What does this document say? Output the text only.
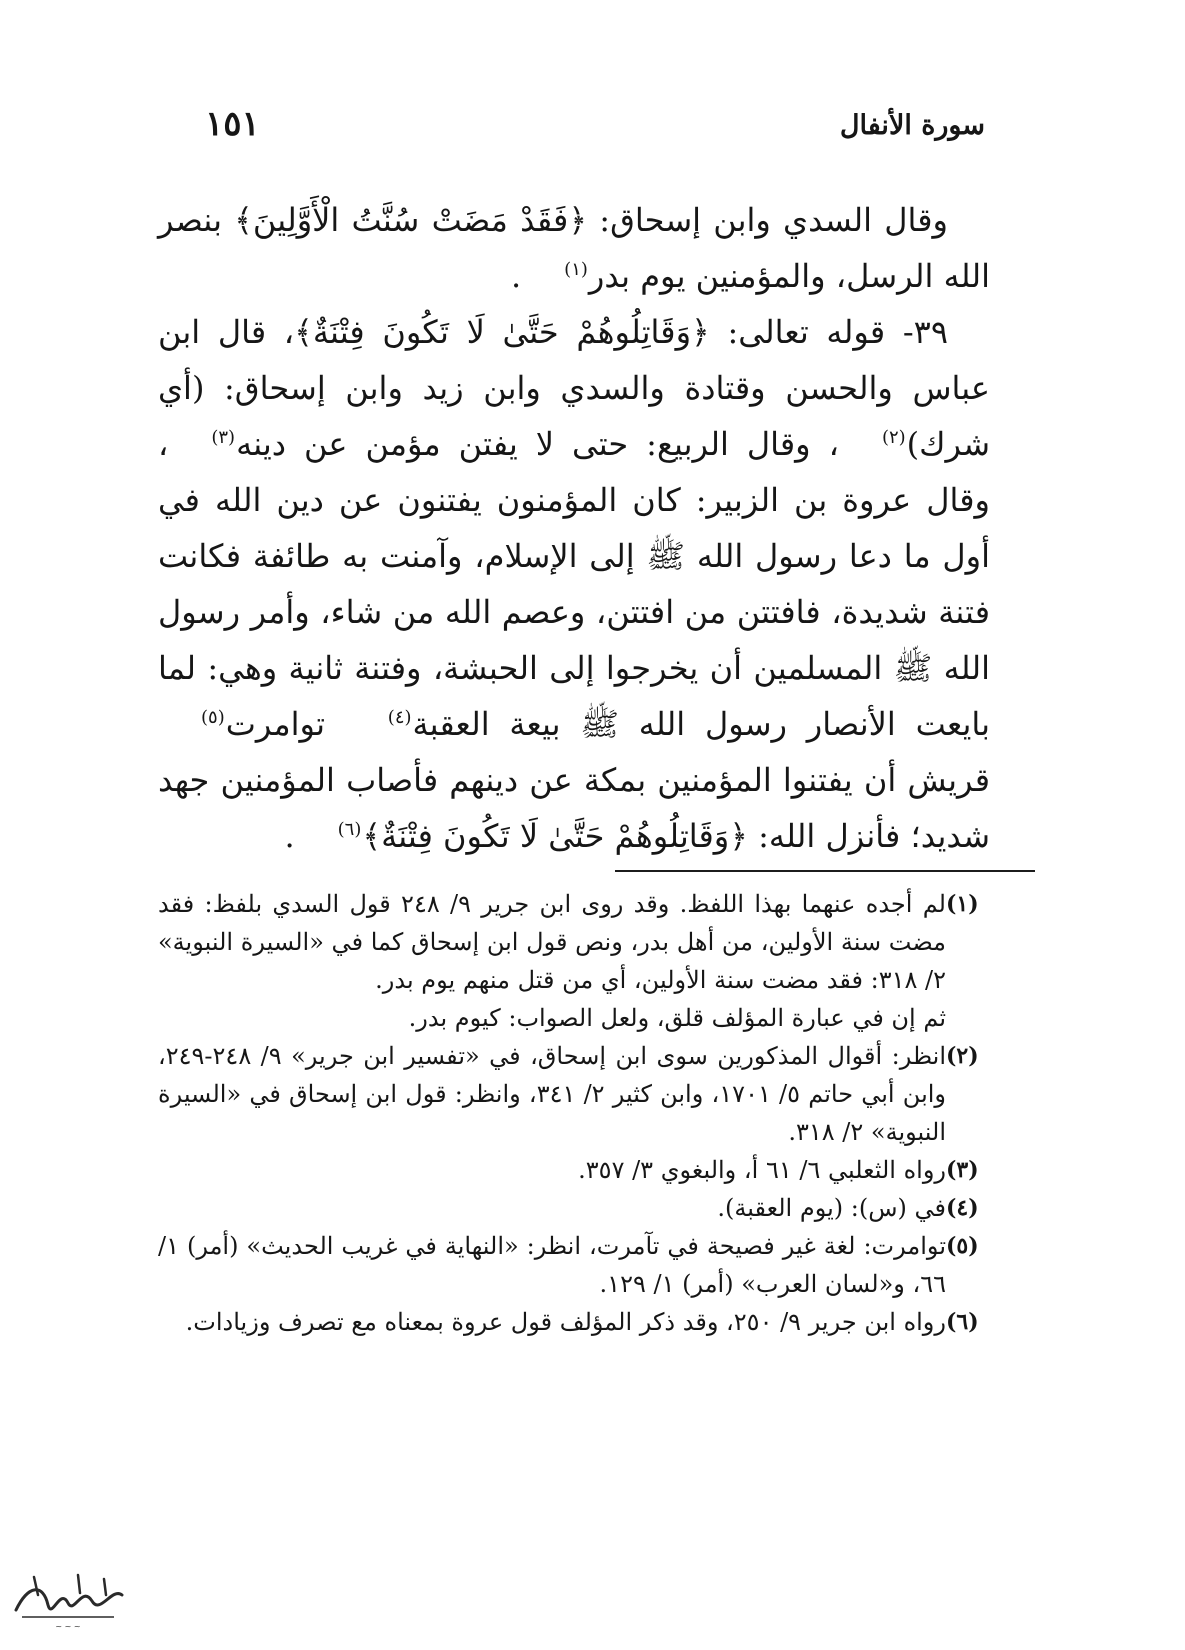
١٥١	سورة الأنفال

وقال السدي وابن إسحاق: ﴿فَقَدْ مَضَتْ سُنَّتُ الْأَوَّلِينَ﴾ بنصر الله الرسل، والمؤمنين يوم بدر(١).

٣٩- قوله تعالى: ﴿وَقَاتِلُوهُمْ حَتَّىٰ لَا تَكُونَ فِتْنَةٌ﴾، قال ابن عباس والحسن وقتادة والسدي وابن زيد وابن إسحاق: (أي شرك)(٢)، وقال الربيع: حتى لا يفتن مؤمن عن دينه(٣)، وقال عروة بن الزبير: كان المؤمنون يفتنون عن دين الله في أول ما دعا رسول الله ﷺ إلى الإسلام، وآمنت به طائفة فكانت فتنة شديدة، فافتتن من افتتن، وعصم الله من شاء، وأمر رسول الله ﷺ المسلمين أن يخرجوا إلى الحبشة، وفتنة ثانية وهي: لما بايعت الأنصار رسول الله ﷺ بيعة العقبة(٤) توامرت(٥) قريش أن يفتنوا المؤمنين بمكة عن دينهم فأصاب المؤمنين جهد شديد؛ فأنزل الله: ﴿وَقَاتِلُوهُمْ حَتَّىٰ لَا تَكُونَ فِتْنَةٌ﴾(٦).

(١)
لم أجده عنهما بهذا اللفظ. وقد روى ابن جرير ٩/ ٢٤٨ قول السدي بلفظ: فقد مضت سنة الأولين، من أهل بدر، ونص قول ابن إسحاق كما في «السيرة النبوية» ٢/ ٣١٨: فقد مضت سنة الأولين، أي من قتل منهم يوم بدر.
ثم إن في عبارة المؤلف قلق، ولعل الصواب: كيوم بدر.
(٢)
انظر: أقوال المذكورين سوى ابن إسحاق، في «تفسير ابن جرير» ٩/ ٢٤٨-٢٤٩، وابن أبي حاتم ٥/ ١٧٠١، وابن كثير ٢/ ٣٤١، وانظر: قول ابن إسحاق في «السيرة النبوية» ٢/ ٣١٨.
(٣)
رواه الثعلبي ٦/ ٦١ أ، والبغوي ٣/ ٣٥٧.
(٤)
في (س): (يوم العقبة).
(٥)
توامرت: لغة غير فصيحة في تآمرت، انظر: «النهاية في غريب الحديث» (أمر) ١/ ٦٦، و«لسان العرب» (أمر) ١/ ١٢٩.
(٦)
رواه ابن جرير ٩/ ٢٥٠، وقد ذكر المؤلف قول عروة بمعناه مع تصرف وزيادات.
~ ~ ~
